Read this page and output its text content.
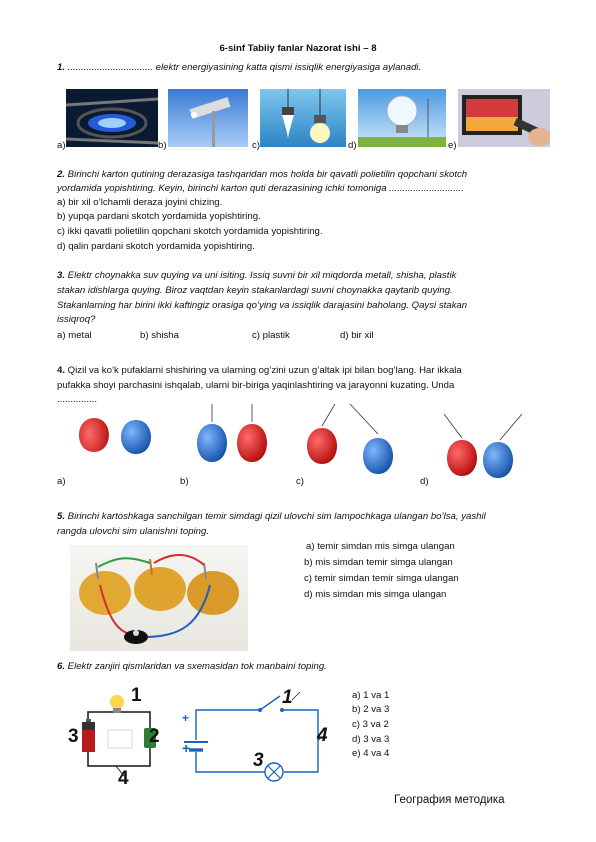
6-sinf Tabiiy fanlar Nazorat ishi – 8
1. ................................ elektr energiyasining katta qismi issiqlik energiyasiga aylanadi.
a)	b)	c)	d)	e)
2. Birinchi karton qutining derazasiga tashqaridan mos holda bir qavatli polietilin qopchani skotch
yordamida yopishtiring. Keyin, birinchi karton quti derazasining ichki tomoniga ............................
a) bir xil o’lchamli deraza joyini chizing.
b) yupqa pardani skotch yordamida yopishtiring.
c) ikki qavatli polietilin qopchani skotch yordamida yopishtiring.
d) qalin pardani skotch yordamida yopishtiring.
3. Elektr choynakka suv quying va uni isiting. Issiq suvni bir xil miqdorda metall, shisha, plastik
stakan idishlarga quying. Biroz vaqtdan keyin stakanlardagi suvni choynakka qaytarib quying.
Stakanlarning har birini ikki kaftingiz orasiga qo’ying va issiqlik darajasini baholang. Qaysi stakan
issiqroq?
a) metal	b) shisha	c) plastik	d) bir xil
4. Qizil va ko’k pufaklarni shishiring va ularning og’zini uzun g’altak ipi bilan bog’lang. Har ikkala
pufakka shoyi parchasini ishqalab, ularni bir-biriga yaqinlashtiring va jarayonni kuzating. Unda
...............
a)	b)	c)	d)
5. Birinchi kartoshkaga sanchilgan temir simdagi qizil ulovchi sim lampochkaga ulangan bo’lsa, yashil
rangda ulovchi sim ulanishni toping.
a) temir simdan mis simga ulangan
b) mis simdan temir simga ulangan
c) temir simdan temir simga ulangan
d) mis simdan mis simga ulangan
6. Elektr zanjiri qismlaridan va sxemasidan tok manbaini toping.
1
2
3
4
1
4
3
+
+
a) 1 va 1
b) 2 va 3
c) 3 va 2
d) 3 va 3
e) 4 va 4
География методика
